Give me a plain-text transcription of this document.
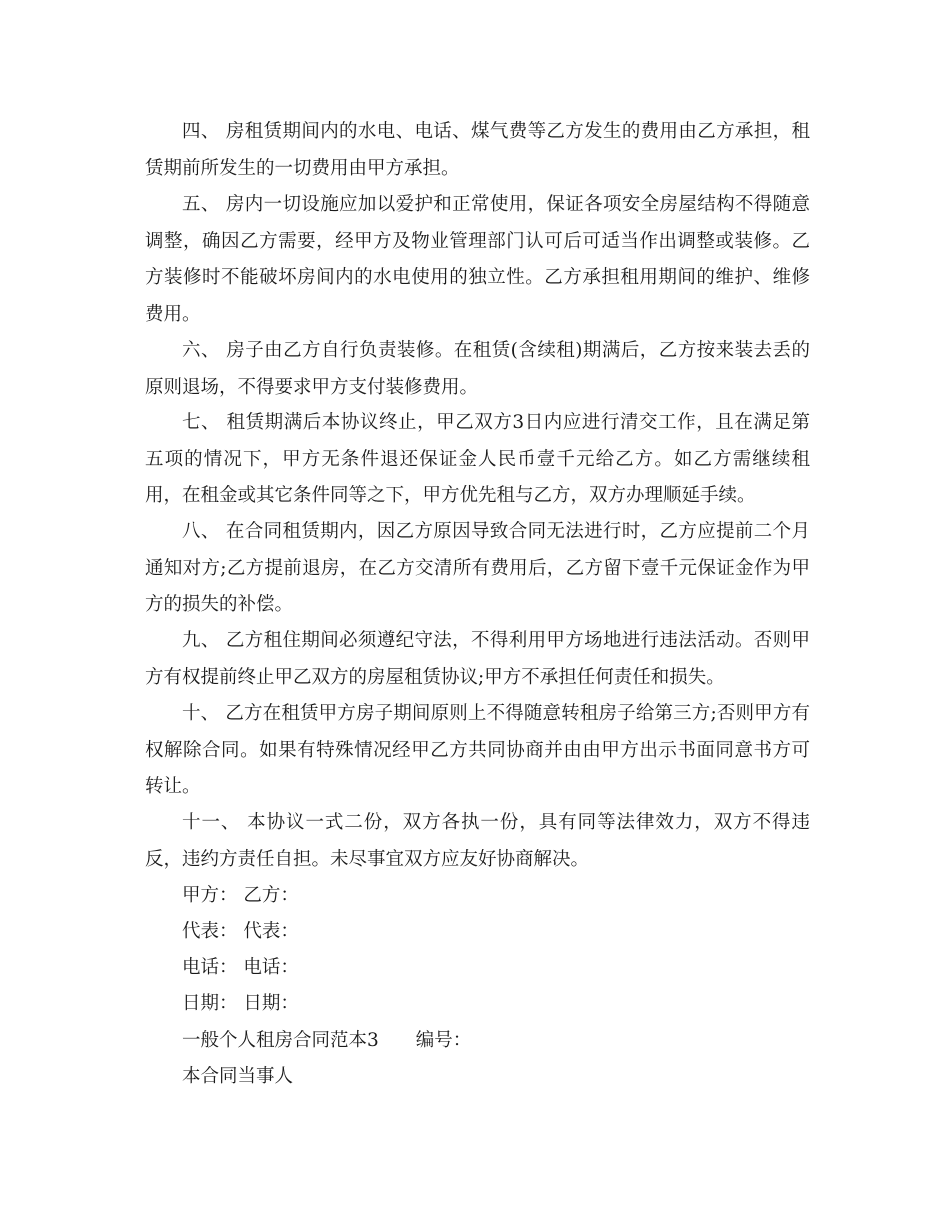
四、 房租赁期间内的水电、电话、煤气费等乙方发生的费用由乙方承担，租赁期前所发生的一切费用由甲方承担。

五、 房内一切设施应加以爱护和正常使用，保证各项安全房屋结构不得随意调整，确因乙方需要，经甲方及物业管理部门认可后可适当作出调整或装修。乙方装修时不能破坏房间内的水电使用的独立性。乙方承担租用期间的维护、维修费用。

六、 房子由乙方自行负责装修。在租赁(含续租)期满后，乙方按来装去丢的原则退场，不得要求甲方支付装修费用。

七、 租赁期满后本协议终止，甲乙双方3日内应进行清交工作，且在满足第五项的情况下，甲方无条件退还保证金人民币壹千元给乙方。如乙方需继续租用，在租金或其它条件同等之下，甲方优先租与乙方，双方办理顺延手续。

八、 在合同租赁期内，因乙方原因导致合同无法进行时，乙方应提前二个月通知对方;乙方提前退房，在乙方交清所有费用后，乙方留下壹千元保证金作为甲方的损失的补偿。

九、 乙方租住期间必须遵纪守法，不得利用甲方场地进行违法活动。否则甲方有权提前终止甲乙双方的房屋租赁协议;甲方不承担任何责任和损失。

十、 乙方在租赁甲方房子期间原则上不得随意转租房子给第三方;否则甲方有权解除合同。如果有特殊情况经甲乙方共同协商并由由甲方出示书面同意书方可转让。

十一、 本协议一式二份，双方各执一份，具有同等法律效力，双方不得违反，违约方责任自担。未尽事宜双方应友好协商解决。

甲方： 乙方：

代表： 代表：

电话： 电话：

日期： 日期：

一般个人租房合同范本3　　编号：

本合同当事人
